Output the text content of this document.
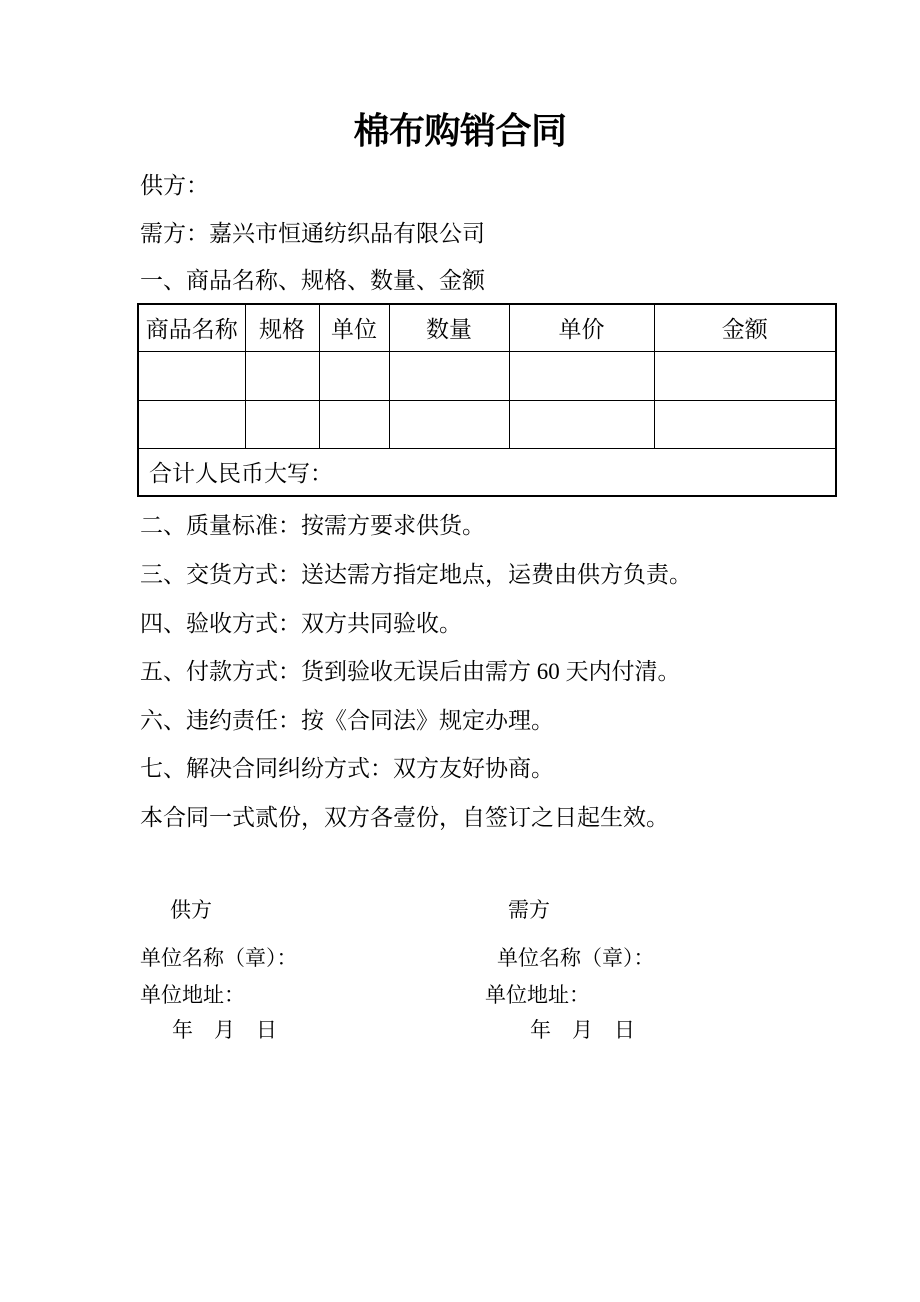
棉布购销合同

供方：

需方：嘉兴市恒通纺织品有限公司

一、商品名称、规格、数量、金额

商品名称	规格	单位	数量	单价	金额

合计人民币大写：					

二、质量标准：按需方要求供货。

三、交货方式：送达需方指定地点，运费由供方负责。

四、验收方式：双方共同验收。

五、付款方式：货到验收无误后由需方 60 天内付清。

六、违约责任：按《合同法》规定办理。

七、解决合同纠纷方式：双方友好协商。

本合同一式贰份，双方各壹份，自签订之日起生效。

供方

单位名称（章）：

单位地址：

年　月　日

需方

单位名称（章）：

单位地址：

年　月　日
